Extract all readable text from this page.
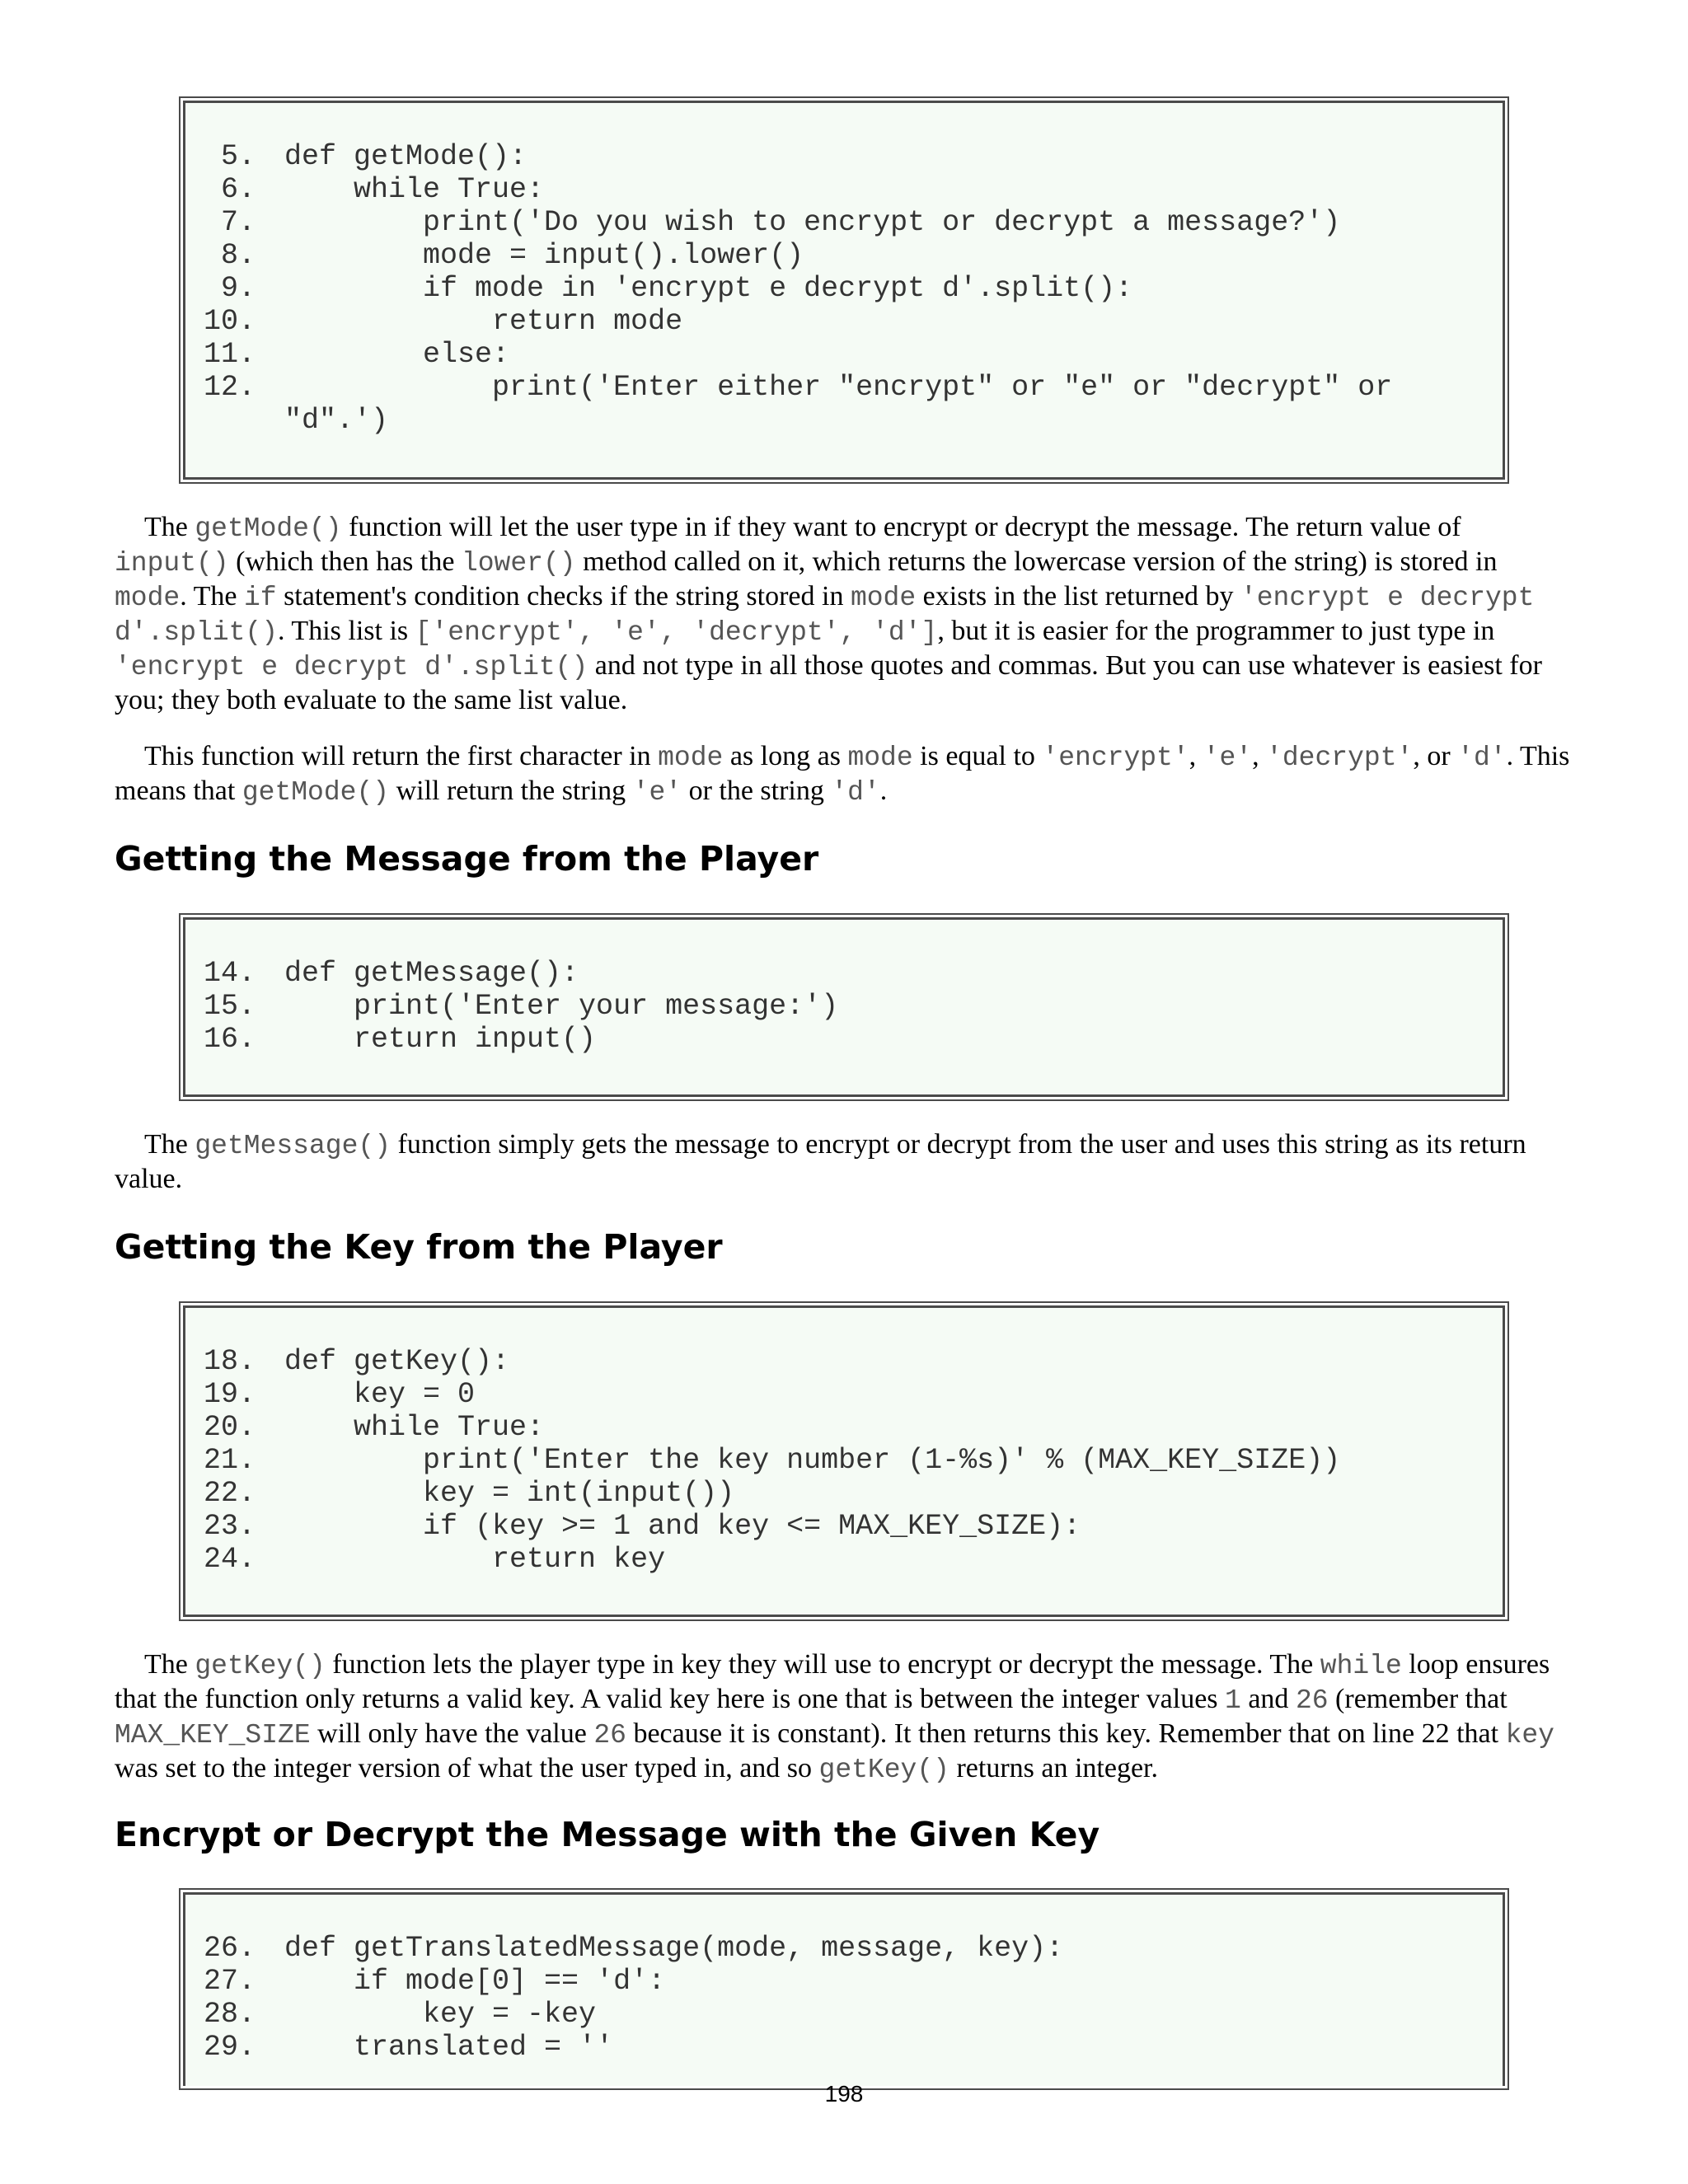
5. def getMode():
6. while True:
7. print('Do you wish to encrypt or decrypt a message?')
8. mode = input().lower()
9. if mode in 'encrypt e decrypt d'.split():
10. return mode
11. else:
12. print('Enter either "encrypt" or "e" or "decrypt" or
"d".')

The getMode() function will let the user type in if they want to encrypt or decrypt the message. The return value of input() (which then has the lower() method called on it, which returns the lowercase version of the string) is stored in mode. The if statement's condition checks if the string stored in mode exists in the list returned by 'encrypt e decrypt d'.split(). This list is ['encrypt', 'e', 'decrypt', 'd'], but it is easier for the programmer to just type in 'encrypt e decrypt d'.split() and not type in all those quotes and commas. But you can use whatever is easiest for you; they both evaluate to the same list value.

This function will return the first character in mode as long as mode is equal to 'encrypt', 'e', 'decrypt', or 'd'. This means that getMode() will return the string 'e' or the string 'd'.

Getting the Message from the Player
14. def getMessage():
15. print('Enter your message:')
16. return input()

The getMessage() function simply gets the message to encrypt or decrypt from the user and uses this string as its return value.

Getting the Key from the Player
18. def getKey():
19. key = 0
20. while True:
21. print('Enter the key number (1-%s)' % (MAX_KEY_SIZE))
22. key = int(input())
23. if (key >= 1 and key <= MAX_KEY_SIZE):
24. return key

The getKey() function lets the player type in key they will use to encrypt or decrypt the message. The while loop ensures that the function only returns a valid key. A valid key here is one that is between the integer values 1 and 26 (remember that MAX_KEY_SIZE will only have the value 26 because it is constant). It then returns this key. Remember that on line 22 that key was set to the integer version of what the user typed in, and so getKey() returns an integer.

Encrypt or Decrypt the Message with the Given Key
26. def getTranslatedMessage(mode, message, key):
27. if mode[0] == 'd':
28. key = -key
29. translated = ''
198
